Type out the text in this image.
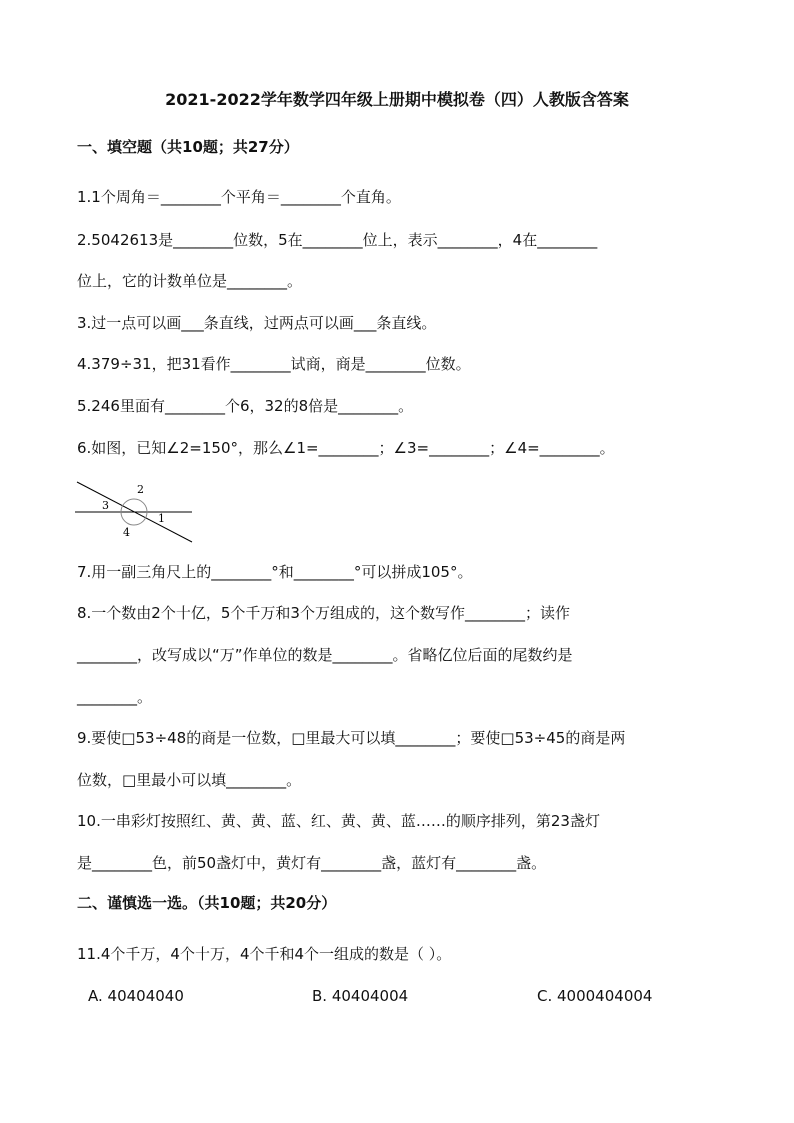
2021-2022学年数学四年级上册期中模拟卷（四）人教版含答案
一、填空题（共10题；共27分）
1.1个周角＝________个平角＝________个直角。
2.5042613是________位数，5在________位上，表示________，4在________
位上，它的计数单位是________。
3.过一点可以画___条直线，过两点可以画___条直线。
4.379÷31，把31看作________试商，商是________位数。
5.246里面有________个6，32的8倍是________。
6.如图，已知∠2=150°，那么∠1=________；∠3=________；∠4=________。
2
3
1
4
7.用一副三角尺上的________°和________°可以拼成105°。
8.一个数由2个十亿，5个千万和3个万组成的，这个数写作________；读作
________，改写成以“万”作单位的数是________。省略亿位后面的尾数约是
________。
9.要使□53÷48的商是一位数，□里最大可以填________；要使□53÷45的商是两
位数，□里最小可以填________。
10.一串彩灯按照红、黄、黄、蓝、红、黄、黄、蓝……的顺序排列，第23盏灯
是________色，前50盏灯中，黄灯有________盏，蓝灯有________盏。
二、谨慎选一选。（共10题；共20分）
11.4个千万，4个十万，4个千和4个一组成的数是（ ）。
A. 40404040	B. 40404004	C. 4000404004
